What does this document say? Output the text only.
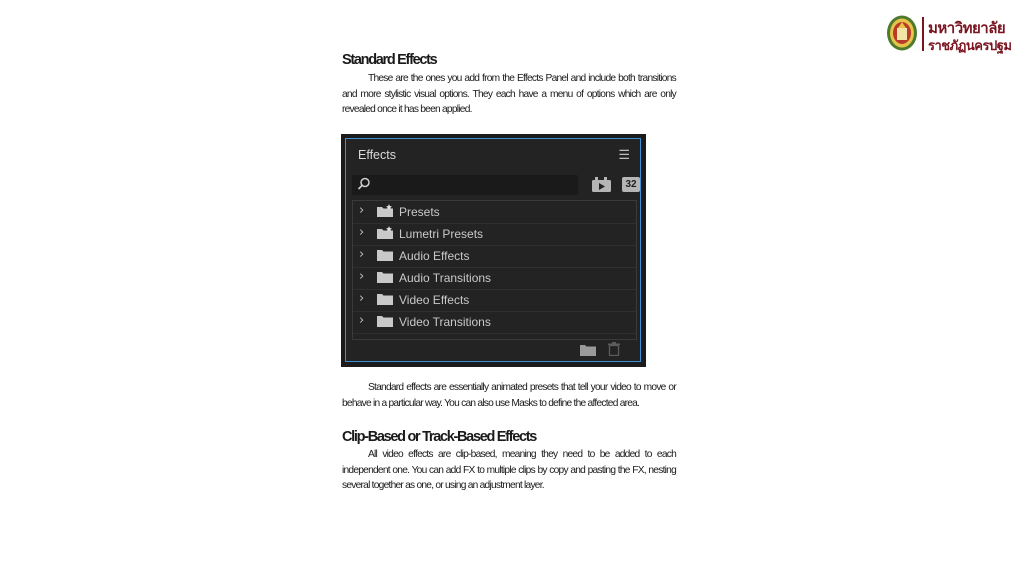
มหาวิทยาลัย
ราชภัฏนครปฐม
Standard Effects

These are the ones you add from the Effects Panel and include both transitions and more stylistic visual options. They each have a menu of options which are only revealed once it has been applied.

Effects	☰
32
›	Presets
›	Lumetri Presets
›	Audio Effects
›	Audio Transitions
›	Video Effects
›	Video Transitions

Standard effects are essentially animated presets that tell your video to move or behave in a particular way. You can also use Masks to define the affected area.

Clip-Based or Track-Based Effects

All video effects are clip-based, meaning they need to be added to each independent one. You can add FX to multiple clips by copy and pasting the FX, nesting several together as one, or using an adjustment layer.
